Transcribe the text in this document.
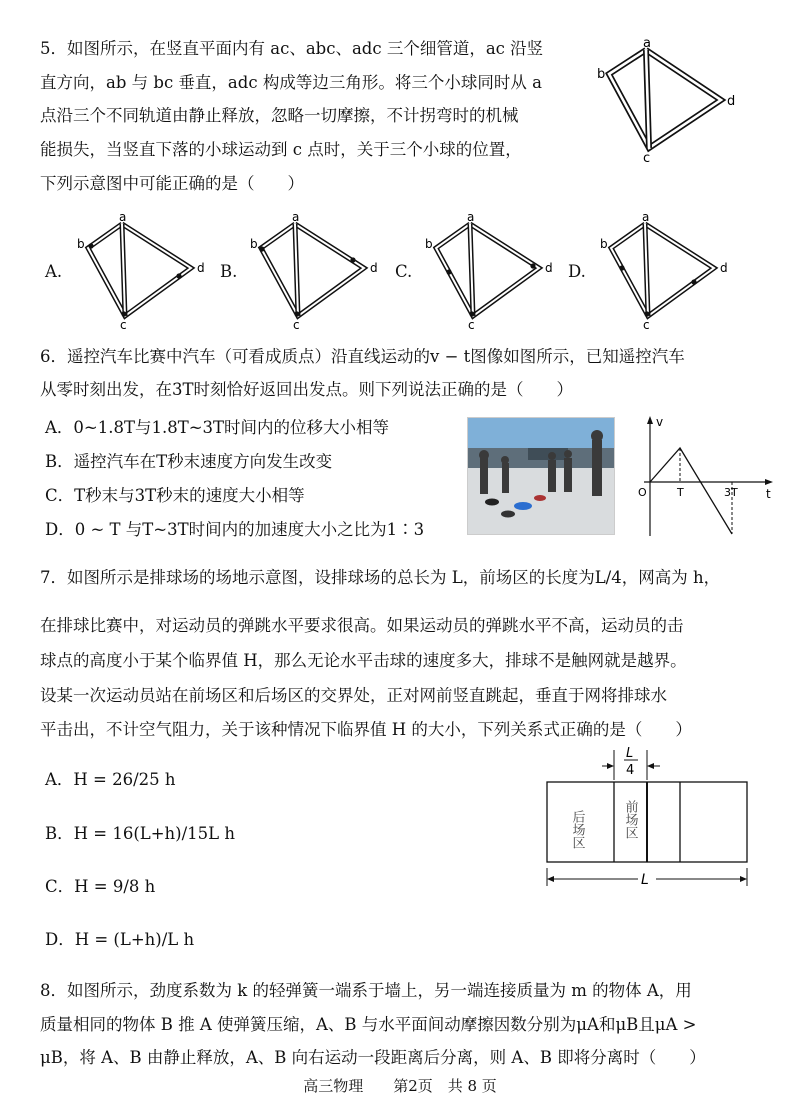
5．如图所示，在竖直平面内有 ac、abc、adc 三个细管道，ac 沿竖
直方向，ab 与 bc 垂直，adc 构成等边三角形。将三个小球同时从 a
点沿三个不同轨道由静止释放，忽略一切摩擦，不计拐弯时的机械
能损失，当竖直下落的小球运动到 c 点时，关于三个小球的位置，
下列示意图中可能正确的是（　　）
a
b
d
c
A.
a
b
d
c
B.
a
b
d
c
C.
a
b
d
c
D.
a
b
d
c
6．遥控汽车比赛中汽车（可看成质点）沿直线运动的v − t图像如图所示，已知遥控汽车
从零时刻出发，在3T时刻恰好返回出发点。则下列说法正确的是（　　）
A．0~1.8T与1.8T~3T时间内的位移大小相等
B．遥控汽车在T秒末速度方向发生改变
C．T秒末与3T秒末的速度大小相等
D．0 ~ T 与T~3T时间内的加速度大小之比为1∶3
v
t
O	T	3T
7．如图所示是排球场的场地示意图，设排球场的总长为 L，前场区的长度为L/4，网高为 h，
在排球比赛中，对运动员的弹跳水平要求很高。如果运动员的弹跳水平不高，运动员的击
球点的高度小于某个临界值 H，那么无论水平击球的速度多大，排球不是触网就是越界。
设某一次运动员站在前场区和后场区的交界处，正对网前竖直跳起，垂直于网将排球水
平击出，不计空气阻力，关于该种情况下临界值 H 的大小，下列关系式正确的是（　　）
A．H = 26/25 h
B．H = 16(L+h)/15L h
C．H = 9/8 h
D．H = (L+h)/L h
L
4
后场区	前场区
L
8．如图所示，劲度系数为 k 的轻弹簧一端系于墙上，另一端连接质量为 m 的物体 A，用
质量相同的物体 B 推 A 使弹簧压缩，A、B 与水平面间动摩擦因数分别为μA和μB且μA >
μB，将 A、B 由静止释放，A、B 向右运动一段距离后分离，则 A、B 即将分离时（　　）
高三物理　　第2页　共 8 页
